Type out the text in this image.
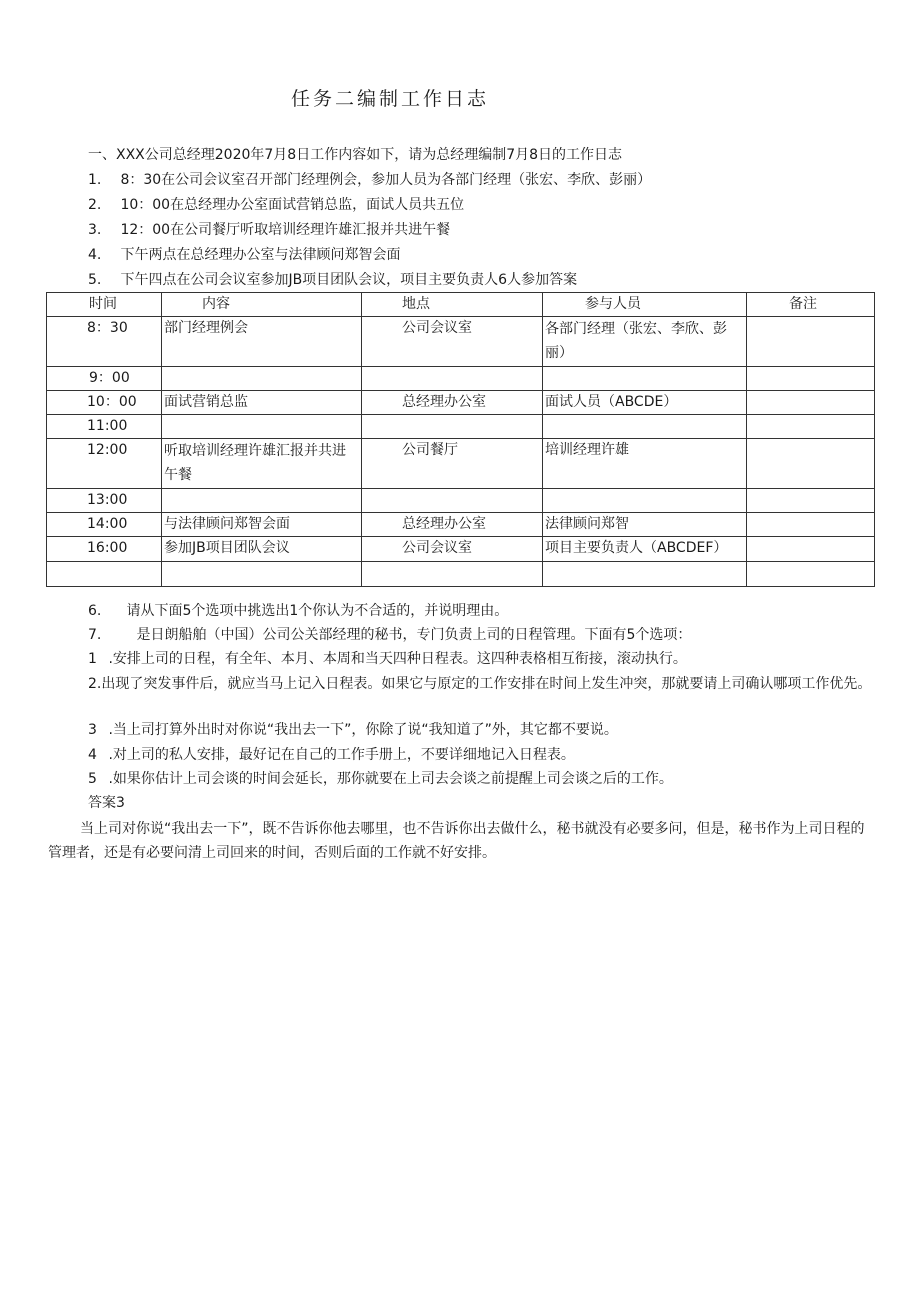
任务二编制工作日志
一、XXX公司总经理2020年7月8日工作内容如下，请为总经理编制7月8日的工作日志
1. 8：30在公司会议室召开部门经理例会，参加人员为各部门经理（张宏、李欣、彭丽）
2. 10：00在总经理办公室面试营销总监，面试人员共五位
3. 12：00在公司餐厅听取培训经理许雄汇报并共进午餐
4. 下午两点在总经理办公室与法律顾问郑智会面
5. 下午四点在公司会议室参加JB项目团队会议，项目主要负责人6人参加答案
时间	内容	地点	参与人员	备注
8：30	部门经理例会	公司会议室	各部门经理（张宏、李欣、彭丽）	
9：00				
10：00	面试营销总监	总经理办公室	面试人员（ABCDE）	
11:00				
12:00	听取培训经理许雄汇报并共进午餐	公司餐厅	培训经理许雄	
13:00				
14:00	与法律顾问郑智会面	总经理办公室	法律顾问郑智	
16:00	参加JB项目团队会议	公司会议室	项目主要负责人（ABCDEF）	

6. 请从下面5个选项中挑选出1个你认为不合适的，并说明理由。
7.	是日朗船舶（中国）公司公关部经理的秘书，专门负责上司的日程管理。下面有5个选项：
1 .安排上司的日程，有全年、本月、本周和当天四种日程表。这四种表格相互衔接，滚动执行。
2.出现了突发事件后，就应当马上记入日程表。如果它与原定的工作安排在时间上发生冲突，那就要请上司确认哪项工作优先。
3 .当上司打算外出时对你说“我出去一下”，你除了说“我知道了”外，其它都不要说。
4 .对上司的私人安排，最好记在自己的工作手册上，不要详细地记入日程表。
5 .如果你估计上司会谈的时间会延长，那你就要在上司去会谈之前提醒上司会谈之后的工作。
答案3
当上司对你说“我出去一下”，既不告诉你他去哪里，也不告诉你出去做什么，秘书就没有必要多问，但是，秘书作为上司日程的管理者，还是有必要问清上司回来的时间，否则后面的工作就不好安排。
